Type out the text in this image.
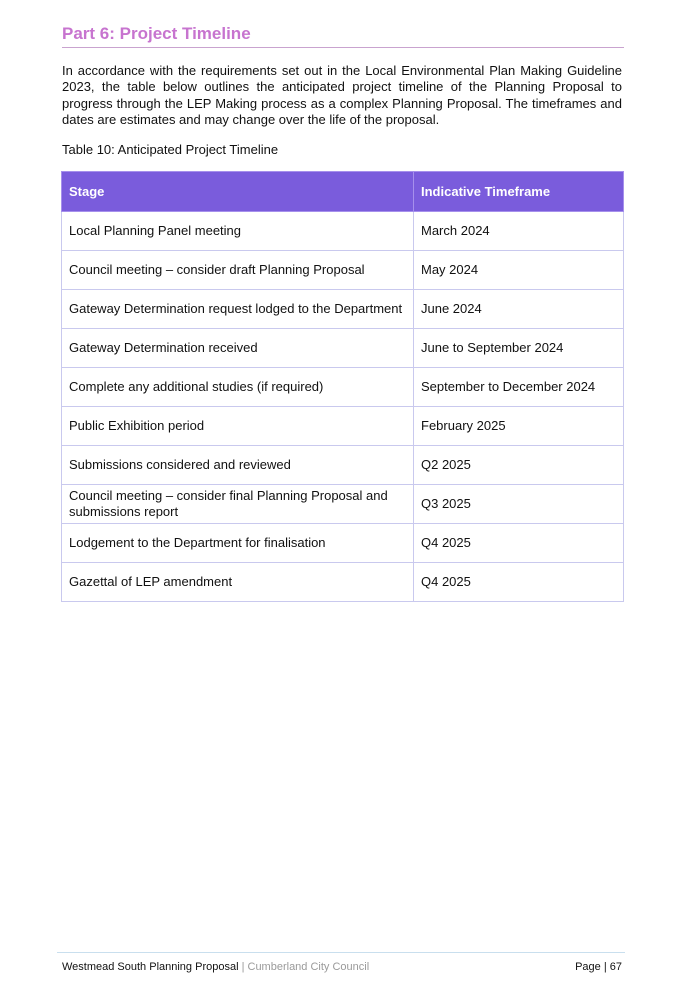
Part 6: Project Timeline

In accordance with the requirements set out in the Local Environmental Plan Making Guideline 2023, the table below outlines the anticipated project timeline of the Planning Proposal to progress through the LEP Making process as a complex Planning Proposal. The timeframes and dates are estimates and may change over the life of the proposal.

Table 10: Anticipated Project Timeline
Stage	Indicative Timeframe
Local Planning Panel meeting	March 2024
Council meeting – consider draft Planning Proposal	May 2024
Gateway Determination request lodged to the Department	June 2024
Gateway Determination received	June to September 2024
Complete any additional studies (if required)	September to December 2024
Public Exhibition period	February 2025
Submissions considered and reviewed	Q2 2025
Council meeting – consider final Planning Proposal and submissions report	Q3 2025
Lodgement to the Department for finalisation	Q4 2025
Gazettal of LEP amendment	Q4 2025
Westmead South Planning Proposal | Cumberland City Council	Page | 67
